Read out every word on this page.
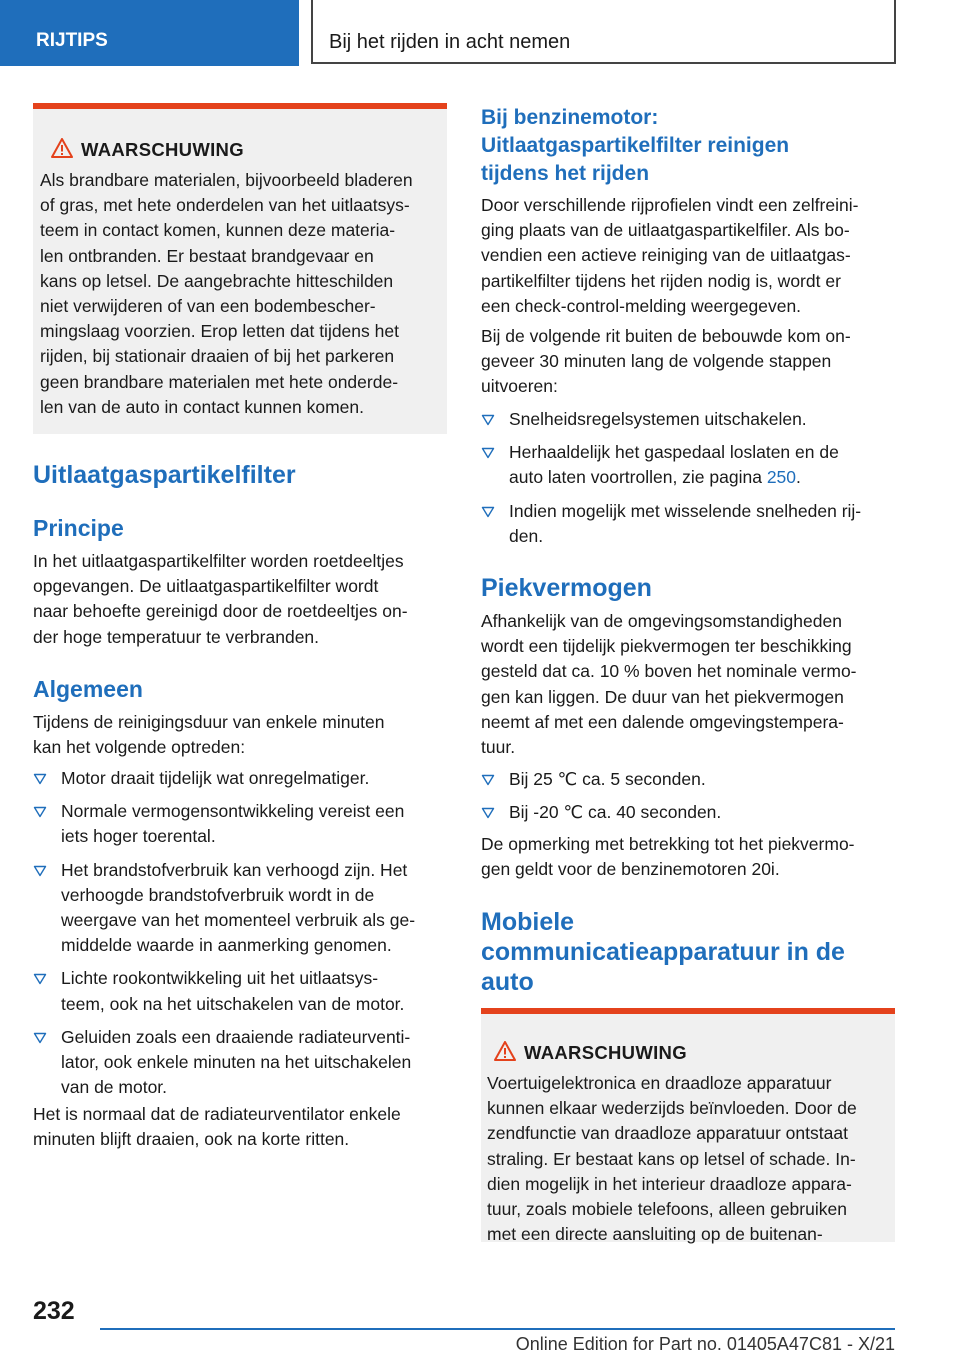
RIJTIPS	Bij het rijden in acht nemen
WAARSCHUWING
Als brandbare materialen, bijvoorbeeld bladeren
of gras, met hete onderdelen van het uitlaatsys-
teem in contact komen, kunnen deze materia-
len ontbranden. Er bestaat brandgevaar en
kans op letsel. De aangebrachte hitteschilden
niet verwijderen of van een bodembescher-
mingslaag voorzien. Erop letten dat tijdens het
rijden, bij stationair draaien of bij het parkeren
geen brandbare materialen met hete onderde-
len van de auto in contact kunnen komen.
Uitlaatgaspartikelfilter
Principe
In het uitlaatgaspartikelfilter worden roetdeeltjes
opgevangen. De uitlaatgaspartikelfilter wordt
naar behoefte gereinigd door de roetdeeltjes on-
der hoge temperatuur te verbranden.
Algemeen
Tijdens de reinigingsduur van enkele minuten
kan het volgende optreden:
Motor draait tijdelijk wat onregelmatiger.
Normale vermogensontwikkeling vereist een
iets hoger toerental.
Het brandstofverbruik kan verhoogd zijn. Het
verhoogde brandstofverbruik wordt in de
weergave van het momenteel verbruik als ge-
middelde waarde in aanmerking genomen.
Lichte rookontwikkeling uit het uitlaatsys-
teem, ook na het uitschakelen van de motor.
Geluiden zoals een draaiende radiateurventi-
lator, ook enkele minuten na het uitschakelen
van de motor.
Het is normaal dat de radiateurventilator enkele
minuten blijft draaien, ook na korte ritten.
Bij benzinemotor:
Uitlaatgaspartikelfilter reinigen
tijdens het rijden
Door verschillende rijprofielen vindt een zelfreini-
ging plaats van de uitlaatgaspartikelfiler. Als bo-
vendien een actieve reiniging van de uitlaatgas-
partikelfilter tijdens het rijden nodig is, wordt er
een check-control-melding weergegeven.
Bij de volgende rit buiten de bebouwde kom on-
geveer 30 minuten lang de volgende stappen
uitvoeren:
Snelheidsregelsystemen uitschakelen.
Herhaaldelijk het gaspedaal loslaten en de
auto laten voortrollen, zie pagina 250.
Indien mogelijk met wisselende snelheden rij-
den.
Piekvermogen
Afhankelijk van de omgevingsomstandigheden
wordt een tijdelijk piekvermogen ter beschikking
gesteld dat ca. 10 % boven het nominale vermo-
gen kan liggen. De duur van het piekvermogen
neemt af met een dalende omgevingstempera-
tuur.
Bij 25 ℃ ca. 5 seconden.
Bij -20 ℃ ca. 40 seconden.
De opmerking met betrekking tot het piekvermo-
gen geldt voor de benzinemotoren 20i.
Mobiele
communicatieapparatuur in de
auto
WAARSCHUWING
Voertuigelektronica en draadloze apparatuur
kunnen elkaar wederzijds beïnvloeden. Door de
zendfunctie van draadloze apparatuur ontstaat
straling. Er bestaat kans op letsel of schade. In-
dien mogelijk in het interieur draadloze appara-
tuur, zoals mobiele telefoons, alleen gebruiken
met een directe aansluiting op de buitenan-
232
Online Edition for Part no. 01405A47C81 - X/21
